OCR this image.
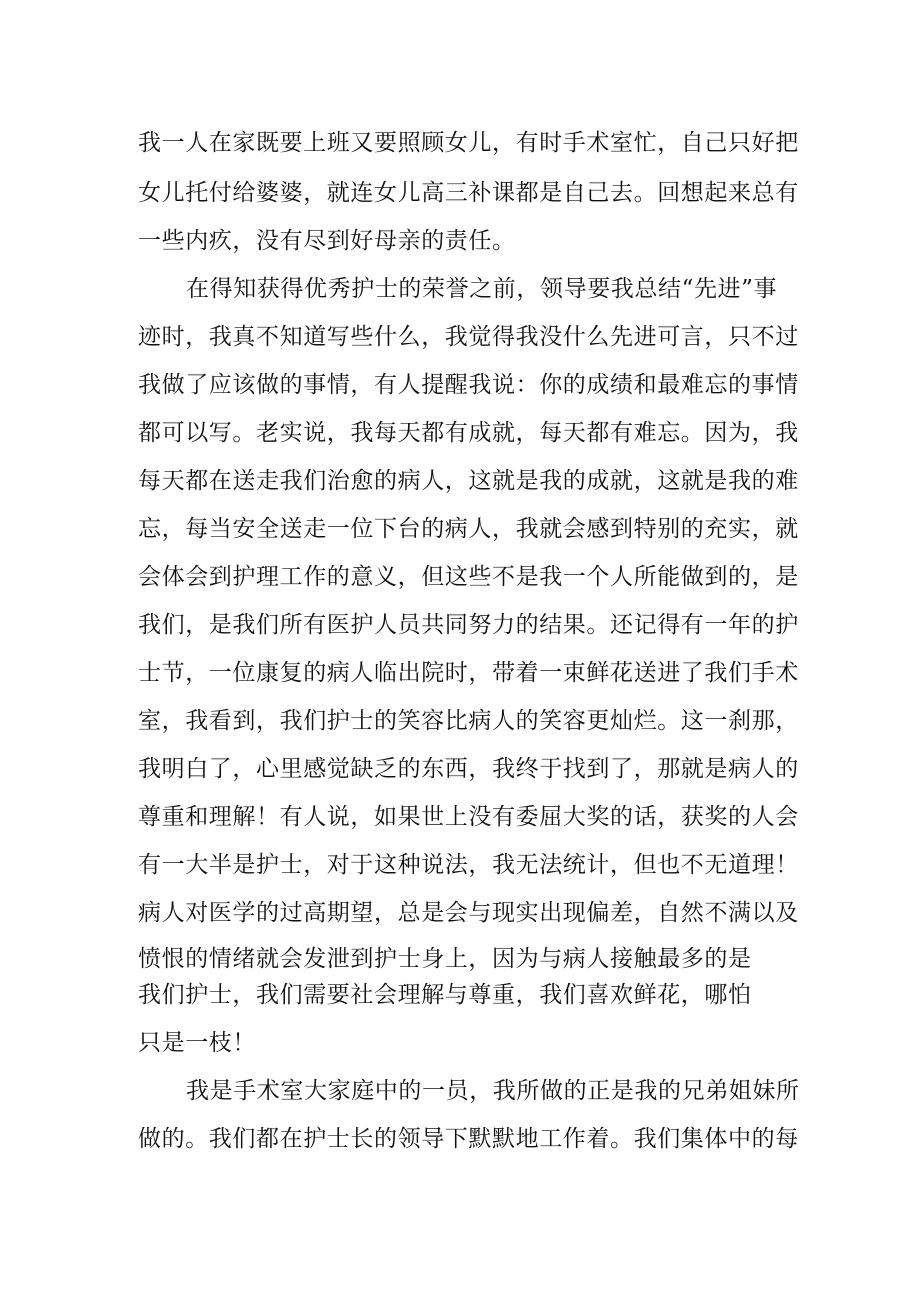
我一人在家既要上班又要照顾女儿，有时手术室忙，自己只好把
女儿托付给婆婆，就连女儿高三补课都是自己去。回想起来总有
一些内疚，没有尽到好母亲的责任。
在得知获得优秀护士的荣誉之前，领导要我总结“先进”事
迹时，我真不知道写些什么，我觉得我没什么先进可言，只不过
我做了应该做的事情，有人提醒我说：你的成绩和最难忘的事情
都可以写。老实说，我每天都有成就，每天都有难忘。因为，我
每天都在送走我们治愈的病人，这就是我的成就，这就是我的难
忘，每当安全送走一位下台的病人，我就会感到特别的充实，就
会体会到护理工作的意义，但这些不是我一个人所能做到的，是
我们，是我们所有医护人员共同努力的结果。还记得有一年的护
士节，一位康复的病人临出院时，带着一束鲜花送进了我们手术
室，我看到，我们护士的笑容比病人的笑容更灿烂。这一刹那，
我明白了，心里感觉缺乏的东西，我终于找到了，那就是病人的
尊重和理解！有人说，如果世上没有委屈大奖的话，获奖的人会
有一大半是护士，对于这种说法，我无法统计，但也不无道理！
病人对医学的过高期望，总是会与现实出现偏差，自然不满以及
愤恨的情绪就会发泄到护士身上，因为与病人接触最多的是
我们护士，我们需要社会理解与尊重，我们喜欢鲜花，哪怕
只是一枝！
我是手术室大家庭中的一员，我所做的正是我的兄弟姐妹所
做的。我们都在护士长的领导下默默地工作着。我们集体中的每
